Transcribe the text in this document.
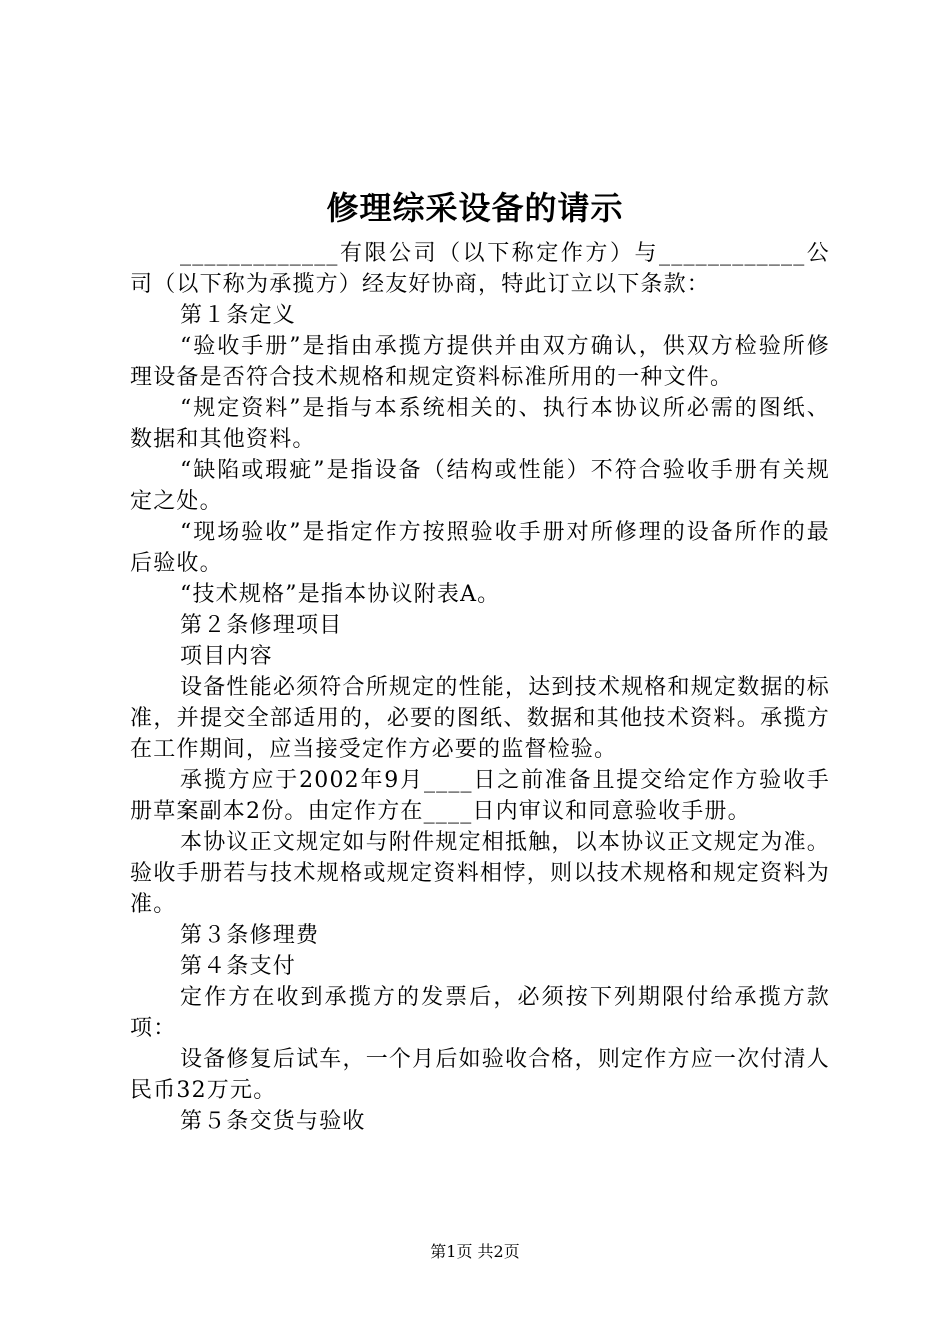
修理综采设备的请示

_____________有限公司（以下称定作方）与____________公司（以下称为承揽方）经友好协商，特此订立以下条款：

第１条定义

“验收手册”是指由承揽方提供并由双方确认，供双方检验所修理设备是否符合技术规格和规定资料标准所用的一种文件。

“规定资料”是指与本系统相关的、执行本协议所必需的图纸、数据和其他资料。

“缺陷或瑕疵”是指设备（结构或性能）不符合验收手册有关规定之处。

“现场验收”是指定作方按照验收手册对所修理的设备所作的最后验收。

“技术规格”是指本协议附表A。

第２条修理项目

项目内容

设备性能必须符合所规定的性能，达到技术规格和规定数据的标准，并提交全部适用的，必要的图纸、数据和其他技术资料。承揽方在工作期间，应当接受定作方必要的监督检验。

承揽方应于2002年9月____日之前准备且提交给定作方验收手册草案副本2份。由定作方在____日内审议和同意验收手册。

本协议正文规定如与附件规定相抵触，以本协议正文规定为准。验收手册若与技术规格或规定资料相悖，则以技术规格和规定资料为准。

第３条修理费

第４条支付

定作方在收到承揽方的发票后，必须按下列期限付给承揽方款项：

设备修复后试车，一个月后如验收合格，则定作方应一次付清人民币32万元。

第５条交货与验收

第1页 共2页
